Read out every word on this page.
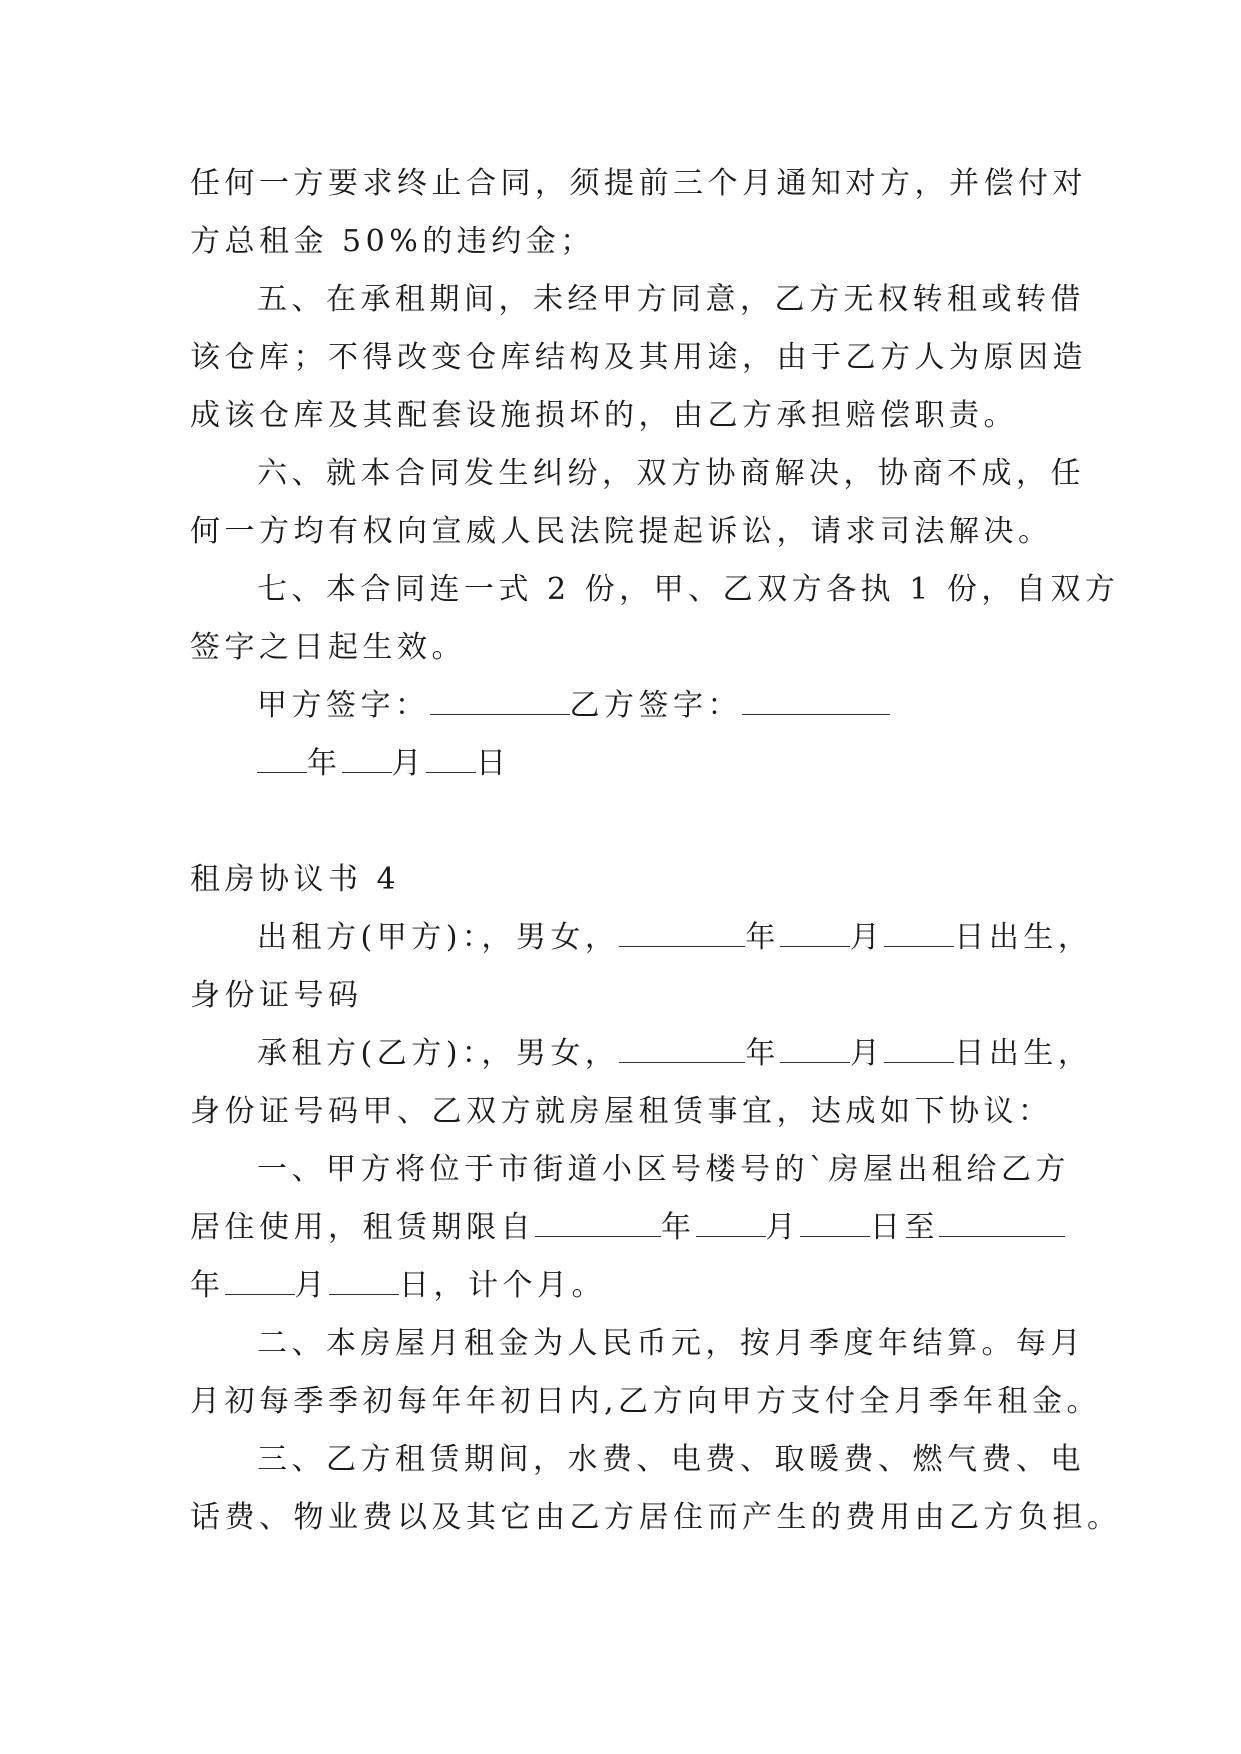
任何一方要求终止合同，须提前三个月通知对方，并偿付对
方总租金 50%的违约金；
五、在承租期间，未经甲方同意，乙方无权转租或转借
该仓库；不得改变仓库结构及其用途，由于乙方人为原因造
成该仓库及其配套设施损坏的，由乙方承担赔偿职责。
六、就本合同发生纠纷，双方协商解决，协商不成，任
何一方均有权向宣威人民法院提起诉讼，请求司法解决。
七、本合同连一式 2 份，甲、乙双方各执 1 份，自双方
签字之日起生效。
甲方签字：	乙方签字：
年 月 日
租房协议书 4
出租方(甲方)：，男女，	年 月 日出生，
身份证号码
承租方(乙方)：，男女，	年 月 日出生，
身份证号码甲、乙双方就房屋租赁事宜，达成如下协议：
一、甲方将位于市街道小区号楼号的`房屋出租给乙方
居住使用，租赁期限自	年 月 日至
年 月 日，计个月。
二、本房屋月租金为人民币元，按月季度年结算。每月
月初每季季初每年年初日内,乙方向甲方支付全月季年租金。
三、乙方租赁期间，水费、电费、取暖费、燃气费、电
话费、物业费以及其它由乙方居住而产生的费用由乙方负担。
